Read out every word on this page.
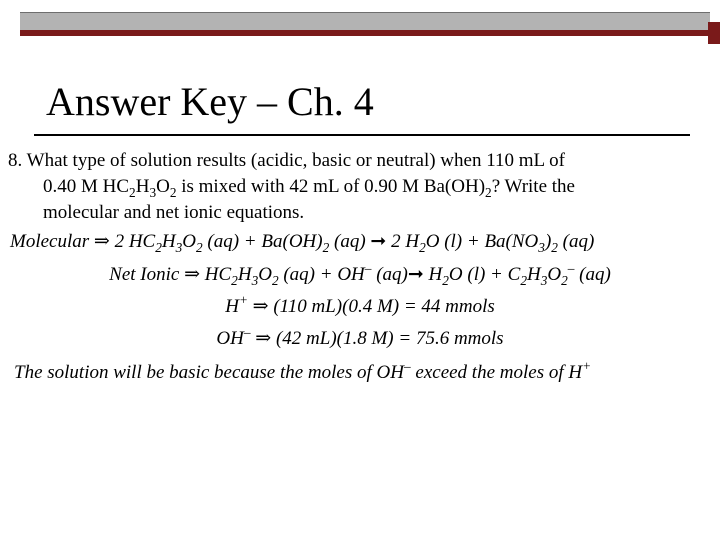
Answer Key – Ch. 4
8. What type of solution results (acidic, basic or neutral) when 110 mL of
0.40 M $HC_2H_3O_2$ is mixed with 42 mL of 0.90 M $Ba(OH)_2$? Write the
molecular and net ionic equations.
Molecular ⇒ 2 $HC_2H_3O_2$ $(aq) + Ba(OH)_2$ (aq) ➞ 2 $H_2O$ $(l) + Ba(NO_3)_2$ (aq)
Net Ionic ⇒ $HC_2H_3O_2$ (aq) + OH– (aq)➞ $H_2O$ $(l) + C_2H_3O_2^-$ (aq)
H+ ⇒ (110 mL)(0.4 M) = 44 mmols
OH– ⇒ (42 mL)(1.8 M) = 75.6 mmols
The solution will be basic because the moles of OH– exceed the moles of H+
